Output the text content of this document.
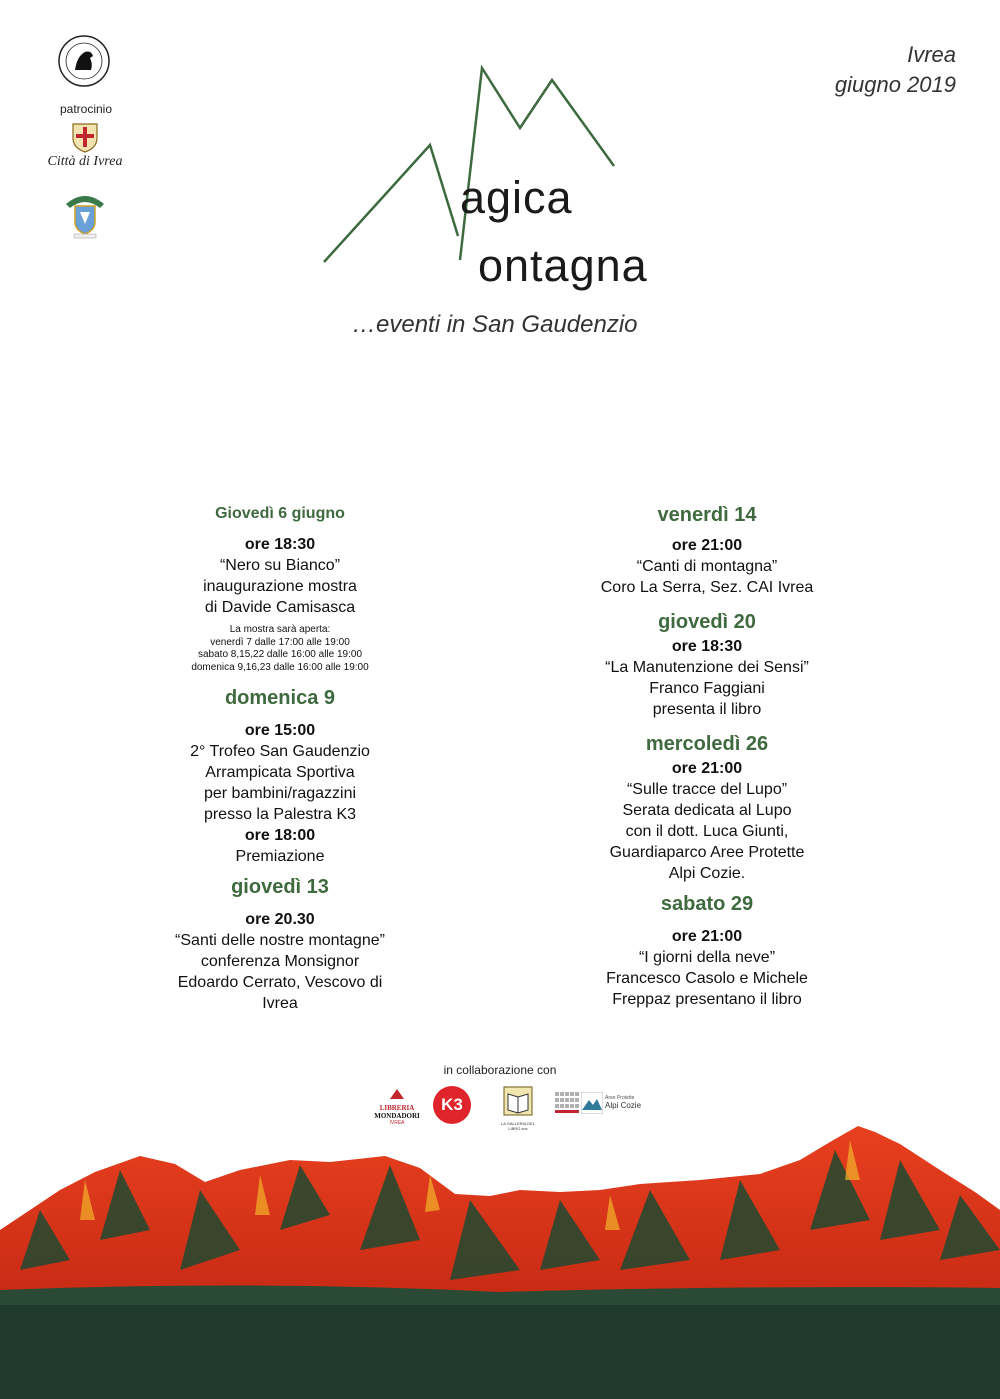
patrocinio
Città di Ivrea
Ivrea
giugno 2019
agica
ontagna
…eventi in San Gaudenzio
Giovedì 6 giugno
ore 18:30
“Nero su Bianco”
inaugurazione mostra
di Davide Camisasca
La mostra sarà aperta:
venerdì 7 dalle 17:00 alle 19:00
sabato 8,15,22 dalle 16:00 alle 19:00
domenica 9,16,23 dalle 16:00 alle 19:00
domenica 9
ore 15:00
2° Trofeo San Gaudenzio
Arrampicata Sportiva
per bambini/ragazzini
presso la Palestra K3
ore 18:00
Premiazione
giovedì 13
ore 20.30
“Santi delle nostre montagne”
conferenza Monsignor
Edoardo Cerrato, Vescovo di
Ivrea
venerdì 14
ore 21:00
“Canti di montagna”
Coro La Serra, Sez. CAI Ivrea
giovedì 20
ore 18:30
“La Manutenzione dei Sensi”
Franco Faggiani
presenta il libro
mercoledì 26
ore 21:00
“Sulle tracce del Lupo”
Serata dedicata al Lupo
con il dott. Luca Giunti,
Guardiaparco Aree Protette
Alpi Cozie.
sabato 29
ore 21:00
“I giorni della neve”
Francesco Casolo e Michele
Freppaz presentano il libro
in collaborazione con
LIBRERIA
MONDADORI
IVREA
K3
LA GALLERIA DEL LIBRO snc
Aree Protette
Alpi Cozie
